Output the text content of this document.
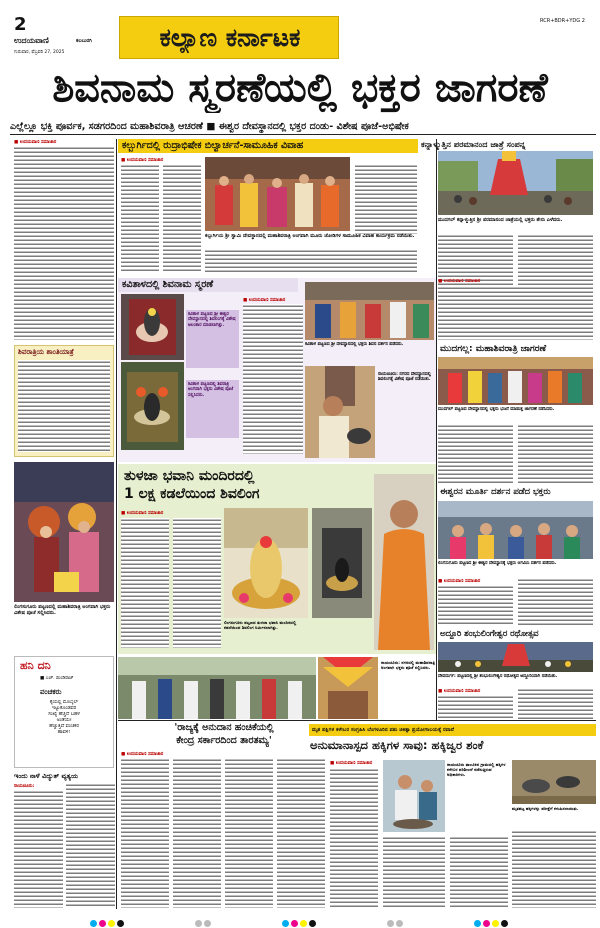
2
ಉದಯವಾಣಿ	ಕಲಬುರಗಿ
ಗುರುವಾರ, ಫೆಬ್ರವರಿ 27, 2025
ಕಲ್ಯಾಣ ಕರ್ನಾಟಕ
RCR+BDR+YDG 2
ಶಿವನಾಮ ಸ್ಮರಣೆಯಲ್ಲಿ ಭಕ್ತರ ಜಾಗರಣೆ
ಎಲ್ಲೆಲ್ಲೂ ಭಕ್ತಿ ಪೂರ್ವಕ, ಸಡಗರದಿಂದ ಮಹಾಶಿವರಾತ್ರಿ ಆಚರಣೆ ■ ಈಶ್ವರ ದೇವಸ್ಥಾನದಲ್ಲಿ ಭಕ್ತರ ದಂಡು- ವಿಶೇಷ ಪೂಜೆ-ಅಭಿಷೇಕ
■ ಉದಯವಾಣಿ ಸಮಾಚಾರ
ಶಿವರಾತ್ರಿಯ ಶಾಂತಿಯಾತ್ರೆ
ಲಿಂಗಸುಗೂರು ಪಟ್ಟಣದಲ್ಲಿ ಮಹಾಶಿವರಾತ್ರಿ ಅಂಗವಾಗಿ ಭಕ್ತರು ವಿಶೇಷ ಪೂಜೆ ಸಲ್ಲಿಸಿದರು.
ಕಲ್ಬುರ್ಗಿದಲ್ಲಿ ರುದ್ರಾಭಿಷೇಕ ಬಿಲ್ವಾರ್ಚನೆ-ಸಾಮೂಹಿಕ ವಿವಾಹ
■ ಉದಯವಾಣಿ ಸಮಾಚಾರ
ಕಲ್ಬುರ್ಗಿಯ ಶ್ರೀ ಸ್ವಾಮಿ ದೇವಸ್ಥಾನದಲ್ಲಿ ಮಹಾಶಿವರಾತ್ರಿ ಅಂಗವಾಗಿ ಮೂರು ಜೋಡಿಗಳ ಸಾಮೂಹಿಕ ವಿವಾಹ ಕಾರ್ಯಕ್ರಮ ನಡೆಯಿತು.
ಕನ್ನಾಳ್ಮುತ್ತಿನ ಪರಮಾನಂದ ಜಾತ್ರೆ ಸಂಪನ್ನ
ಮುದಗಲ್ ಕನ್ನಾಳ್ಮುತ್ತಿನ ಶ್ರೀ ಪರಮಾನಂದ ಜಾತ್ರೆಯಲ್ಲಿ ಭಕ್ತರು ತೇರು ಎಳೆದರು.
ಕವಿತಾಳದಲ್ಲಿ ಶಿವನಾಮ ಸ್ಮರಣೆ
ಕವಿತಾಳ ಪಟ್ಟಣದ ಶ್ರೀ ಈಶ್ವರ ದೇವಸ್ಥಾನದಲ್ಲಿ ಶಿವಲಿಂಗಕ್ಕೆ ವಿಶೇಷ ಅಲಂಕಾರ ಮಾಡಲಾಗಿತ್ತು.
ಕವಿತಾಳ ಪಟ್ಟಣದಲ್ಲಿ ಶಿವರಾತ್ರಿ ಅಂಗವಾಗಿ ಭಕ್ತರು ವಿಶೇಷ ಪೂಜೆ ಸಲ್ಲಿಸಿದರು.
■ ಉದಯವಾಣಿ ಸಮಾಚಾರ
ಕವಿತಾಳ ಪಟ್ಟಣದ ಶ್ರೀ ದೇವಸ್ಥಾನದಲ್ಲಿ ಭಕ್ತರು ಶಿವನ ದರ್ಶನ ಪಡೆದರು.
ರಾಯಚೂರು: ನಗರದ ದೇವಸ್ಥಾನದಲ್ಲಿ ಶಿವಲಿಂಗಕ್ಕೆ ವಿಶೇಷ ಪೂಜೆ ನಡೆಯಿತು.
■ ಉದಯವಾಣಿ ಸಮಾಚಾರ
ಮುದಗಲ್ಲ: ಮಹಾಶಿವರಾತ್ರಿ ಜಾಗರಣೆ
ಮುದಗಲ್ ಪಟ್ಟಣದ ದೇವಸ್ಥಾನದಲ್ಲಿ ಭಕ್ತರು ಭಜನೆ ಮಾಡುತ್ತ ಜಾಗರಣೆ ನಡೆಸಿದರು.
ಈಶ್ವರನ ಮೂರ್ತಿ ದರ್ಶನ ಪಡೆದ ಭಕ್ತರು
ಲಿಂಗಸುಗೂರು ಪಟ್ಟಣದ ಶ್ರೀ ಈಶ್ವರ ದೇವಸ್ಥಾನಕ್ಕೆ ಭಕ್ತರು ಆಗಮಿಸಿ ದರ್ಶನ ಪಡೆದರು.
■ ಉದಯವಾಣಿ ಸಮಾಚಾರ
ತುಳಜಾ ಭವಾನಿ ಮಂದಿರದಲ್ಲಿ
1 ಲಕ್ಷ ಕಡಲೆಯಿಂದ ಶಿವಲಿಂಗ
■ ಉದಯವಾಣಿ ಸಮಾಚಾರ
ಲಿಂಗಸುಗೂರು ಪಟ್ಟಣದ ತುಳಜಾ ಭವಾನಿ ಮಂದಿರದಲ್ಲಿ ಕಡಲೆಯಿಂದ ಶಿವಲಿಂಗ ನಿರ್ಮಿಸಲಾಗಿತ್ತು.
ಅದ್ದೂರಿ ಶಂಭುಲಿಂಗೇಶ್ವರ ರಥೋತ್ಸವ
ದೇವದುರ್ಗ: ಪಟ್ಟಣದಲ್ಲಿ ಶ್ರೀ ಶಂಭುಲಿಂಗೇಶ್ವರ ರಥೋತ್ಸವ ಅದ್ದೂರಿಯಾಗಿ ನಡೆಯಿತು.
■ ಉದಯವಾಣಿ ಸಮಾಚಾರ
ಹನಿ ದನಿ
■ ಎಚ್. ಡುಂಡಿರಾಜ್
ವಂಚಕರು
ಕೈಯಲ್ಲಿ ಮೊಬೈಲ್
ಇಟ್ಟುಕೊಂಡವರ
ಸಂಖ್ಯೆ ಹೆಚ್ಚಿದೆ ಬಹಳ
ಅಂತೆಯೇ
ಹೆಚ್ಚುತ್ತಿವೆ ವಂಚಕರ
ಹಾವಳಿ!
ರಾಯಚೂರು: ನಗರದಲ್ಲಿ ಮಹಾಶಿವರಾತ್ರಿ ಅಂಗವಾಗಿ ಭಕ್ತರು ಪೂಜೆ ಸಲ್ಲಿಸಿದರು.
ಇಂದು ನಾಳೆ ವಿದ್ಯುತ್ ವ್ಯತ್ಯಯ
ರಾಯಚೂರು:
'ರಾಜ್ಯಕ್ಕೆ ಅನುದಾನ ಹಂಚಿಕೆಯಲ್ಲಿ
ಕೇಂದ್ರ ಸರ್ಕಾರದಿಂದ ತಾರತಮ್ಯ'
■ ಉದಯವಾಣಿ ಸಮಾಚಾರ
ಮೃತ ಪಕ್ಷಿಗಳ ಕಳೇಬರ ಸಂಗ್ರಹಿಸಿ ಬೆಂಗಳೂರಿನ ಪಶು ಚಿಕಿತ್ಸಾ ಪ್ರಯೋಗಾಲಯಕ್ಕೆ ರವಾನೆ
ಅನುಮಾನಾಸ್ಪದ ಹಕ್ಕಿಗಳ ಸಾವು: ಹಕ್ಕಿಜ್ವರ ಶಂಕೆ
■ ಉದಯವಾಣಿ ಸಮಾಚಾರ	ರಾಯಚೂರು ತಾಲೂಕಿನ ಗ್ರಾಮದಲ್ಲಿ ಹಕ್ಕಿಗಳ ಕಳೇಬರ ಪರಿಶೀಲನೆ ನಡೆಸುತ್ತಿರುವ ಅಧಿಕಾರಿಗಳು.
ಮೃತಪಟ್ಟ ಹಕ್ಕಿಗಳನ್ನು ಪರೀಕ್ಷೆಗೆ ಕಳುಹಿಸಲಾಯಿತು.
